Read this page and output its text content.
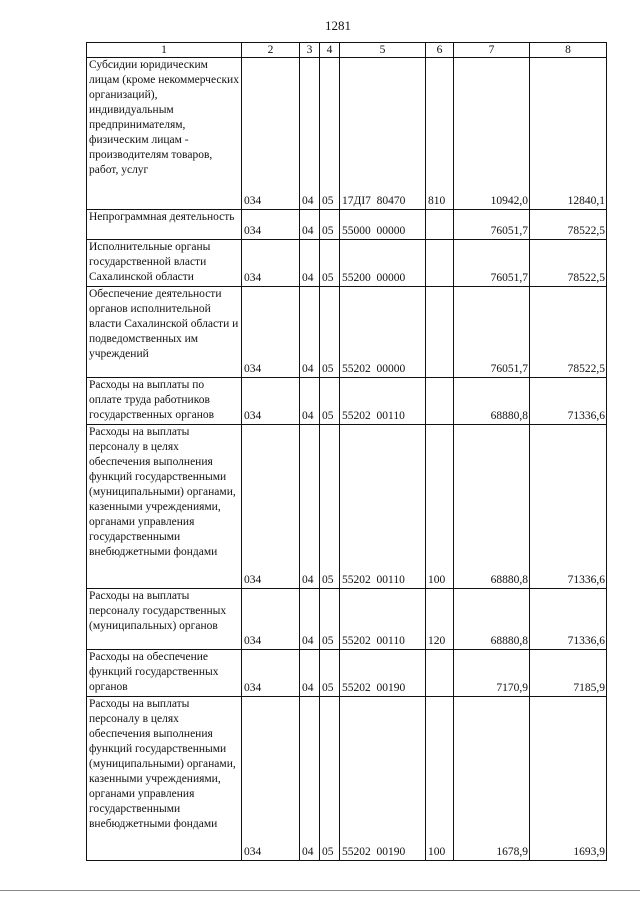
1281
1	2	3	4	5	6	7	8
Субсидии юридическим лицам (кроме некоммерческих организаций), индивидуальным предпринимателям, физическим лицам - производителям товаров, работ, услуг	034	04	05	17ДІ7  80470	810	10942,0	12840,1
Непрограммная деятельность	034	04	05	55000  00000		76051,7	78522,5
Исполнительные органы государственной власти Сахалинской области	034	04	05	55200  00000		76051,7	78522,5
Обеспечение деятельности органов исполнительной власти Сахалинской области и подведомственных им учреждений	034	04	05	55202  00000		76051,7	78522,5
Расходы на выплаты по оплате труда работников государственных органов	034	04	05	55202  00110		68880,8	71336,6
Расходы на выплаты персоналу в целях обеспечения выполнения функций государственными (муниципальными) органами, казенными учреждениями, органами управления государственными внебюджетными фондами	034	04	05	55202  00110	100	68880,8	71336,6
Расходы на выплаты персоналу государственных (муниципальных) органов	034	04	05	55202  00110	120	68880,8	71336,6
Расходы на обеспечение функций государственных органов	034	04	05	55202  00190		7170,9	7185,9
Расходы на выплаты персоналу в целях обеспечения выполнения функций государственными (муниципальными) органами, казенными учреждениями, органами управления государственными внебюджетными фондами	034	04	05	55202  00190	100	1678,9	1693,9
